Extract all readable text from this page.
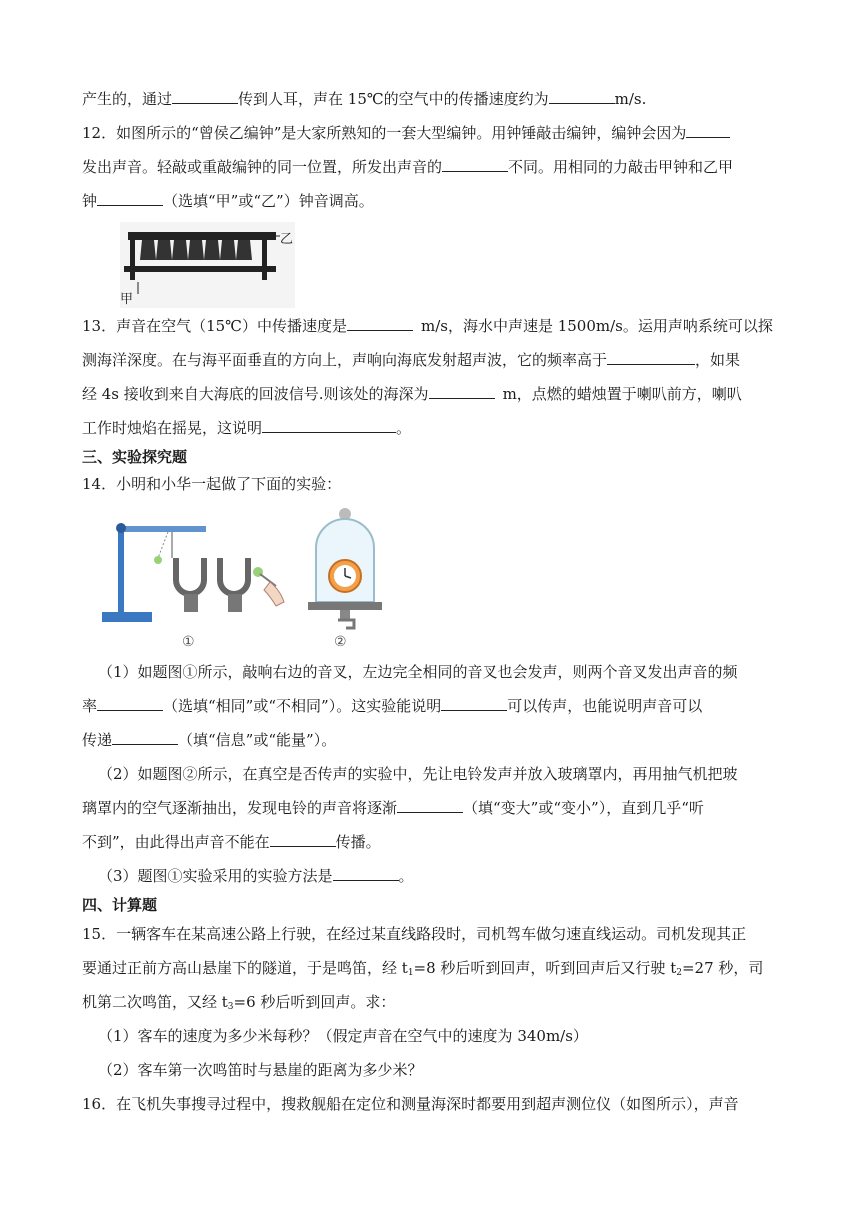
产生的，通过	传到人耳，声在 15℃的空气中的传播速度约为	m/s.
12．如图所示的“曾侯乙编钟”是大家所熟知的一套大型编钟。用钟锤敲击编钟，编钟会因为
发出声音。轻敲或重敲编钟的同一位置，所发出声音的	不同。用相同的力敲击甲钟和乙甲
钟	（选填“甲”或“乙”）钟音调高。
甲
乙
13．声音在空气（15℃）中传播速度是	m/s，海水中声速是 1500m/s。运用声呐系统可以探
测海洋深度。在与海平面垂直的方向上，声响向海底发射超声波，它的频率高于	，如果
经 4s 接收到来自大海底的回波信号.则该处的海深为	m，点燃的蜡烛置于喇叭前方，喇叭
工作时烛焰在摇晃，这说明	。
三、实验探究题
14．小明和小华一起做了下面的实验：
①	②
（1）如题图①所示，敲响右边的音叉，左边完全相同的音叉也会发声，则两个音叉发出声音的频
率	（选填“相同”或“不相同”）。这实验能说明	可以传声，也能说明声音可以
传递	（填“信息”或“能量”）。
（2）如题图②所示，在真空是否传声的实验中，先让电铃发声并放入玻璃罩内，再用抽气机把玻
璃罩内的空气逐渐抽出，发现电铃的声音将逐渐	（填“变大”或“变小”），直到几乎“听
不到”，由此得出声音不能在	传播。
（3）题图①实验采用的实验方法是	。
四、计算题
15．一辆客车在某高速公路上行驶，在经过某直线路段时，司机驾车做匀速直线运动。司机发现其正
要通过正前方高山悬崖下的隧道，于是鸣笛，经 $t_1=8$ 秒后听到回声，听到回声后又行驶 $t_2=27$ 秒，司
机第二次鸣笛，又经 $t_3=6$ 秒后听到回声。求：
（1）客车的速度为多少米每秒？（假定声音在空气中的速度为 340m/s）
（2）客车第一次鸣笛时与悬崖的距离为多少米？
16．在飞机失事搜寻过程中，搜救舰船在定位和测量海深时都要用到超声测位仪（如图所示），声音
